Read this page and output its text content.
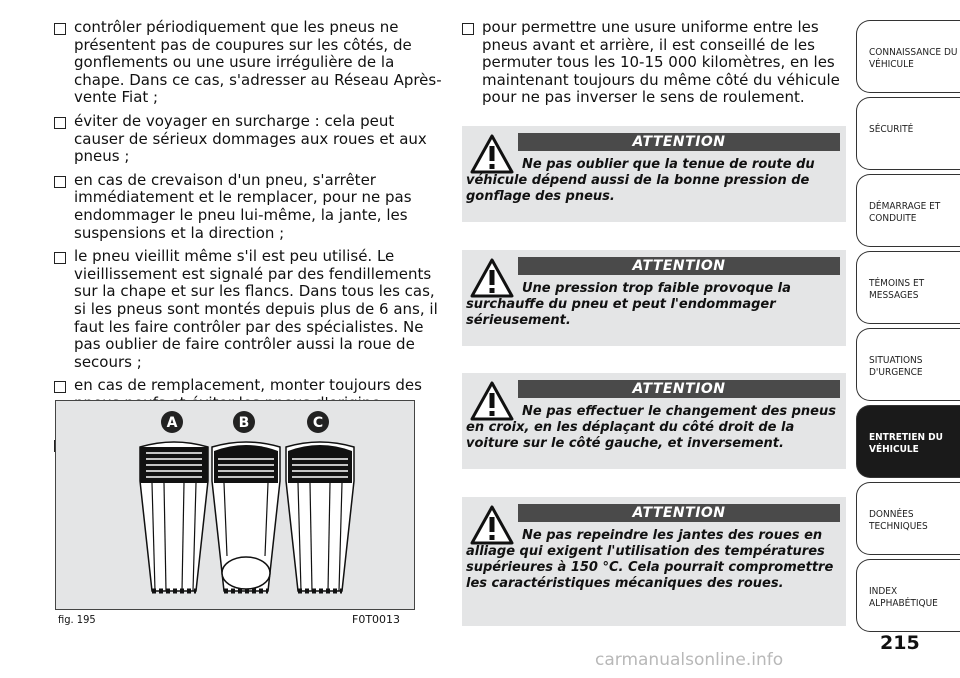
contrôler périodiquement que les pneus ne présentent pas de coupures sur les côtés, de gonflements ou une usure irrégulière de la chape. Dans ce cas, s'adresser au Réseau Après-vente Fiat ;
éviter de voyager en surcharge : cela peut causer de sérieux dommages aux roues et aux pneus ;
en cas de crevaison d'un pneu, s'arrêter immédiatement et le remplacer, pour ne pas endommager le pneu lui-même, la jante, les suspensions et la direction ;
le pneu vieillit même s'il est peu utilisé. Le vieillissement est signalé par des fendillements sur la chape et sur les flancs. Dans tous les cas, si les pneus sont montés depuis plus de 6 ans, il faut les faire contrôler par des spécialistes. Ne pas oublier de faire contrôler aussi la roue de secours ;
en cas de remplacement, monter toujours des
A	B	C
fig. 195	F0T0013
pour permettre une usure uniforme entre les pneus avant et arrière, il est conseillé de les permuter tous les 10-15 000 kilomètres, en les maintenant toujours du même côté du véhicule pour ne pas inverser le sens de roulement.
ATTENTION
Ne pas oublier que la tenue de route du véhicule dépend aussi de la bonne pression de gonflage des pneus.
ATTENTION
Une pression trop faible provoque la surchauffe du pneu et peut l'endommager sérieusement.
ATTENTION
Ne pas effectuer le changement des pneus en croix, en les déplaçant du côté droit de la voiture sur le côté gauche, et inversement.
ATTENTION
Ne pas repeindre les jantes des roues en alliage qui exigent l'utilisation des températures supérieures à 150 °C. Cela pourrait compromettre les caractéristiques mécaniques des roues.
CONNAISSANCE DU VÉHICULE
SÉCURITÉ
DÉMARRAGE ET CONDUITE
TÉMOINS ET MESSAGES
SITUATIONS D'URGENCE
ENTRETIEN DU VÉHICULE
DONNÉES TECHNIQUES
INDEX ALPHABÉTIQUE
215
carmanualsonline.info
